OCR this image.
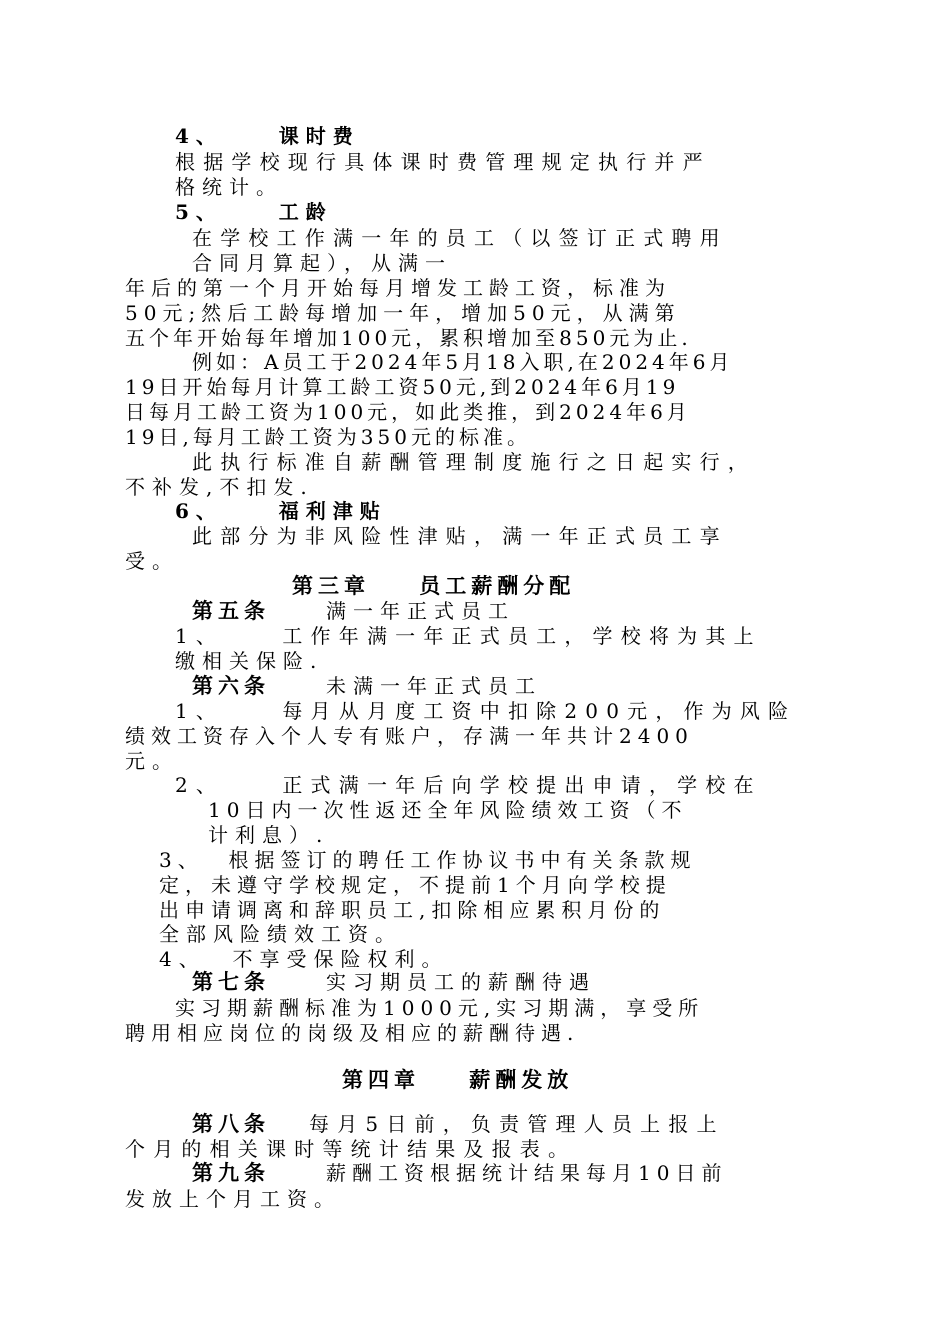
4、    课时费
根据学校现行具体课时费管理规定执行并严
格统计。
5、    工龄
在学校工作满一年的员工（以签订正式聘用
合同月算起），从满一
年后的第一个月开始每月增发工龄工资，标准为
50元;然后工龄每增加一年，增加50元，从满第
五个年开始每年增加100元，累积增加至850元为止.
例如：A员工于2024年5月18入职,在2024年6月
19日开始每月计算工龄工资50元,到2024年6月19
日每月工龄工资为100元，如此类推，到2024年6月
19日,每月工龄工资为350元的标准。
此执行标准自薪酬管理制度施行之日起实行，
不补发,不扣发.
6、    福利津贴
此部分为非风险性津贴，满一年正式员工享
受。
第三章    员工薪酬分配
第五条	满一年正式员工
1、    工作年满一年正式员工，学校将为其上
缴相关保险.
第六条	未满一年正式员工
1、    每月从月度工资中扣除200元，作为风险
绩效工资存入个人专有账户，存满一年共计2400
元。
2、    正式满一年后向学校提出申请，学校在
10日内一次性返还全年风险绩效工资（不
计利息）.
3、  根据签订的聘任工作协议书中有关条款规
定，未遵守学校规定，不提前1个月向学校提
出申请调离和辞职员工,扣除相应累积月份的
全部风险绩效工资。
4、  不享受保险权利。
第七条	实习期员工的薪酬待遇
实习期薪酬标准为1000元,实习期满，享受所
聘用相应岗位的岗级及相应的薪酬待遇.
第四章    薪酬发放
第八条 每月5日前，负责管理人员上报上
个月的相关课时等统计结果及报表。
第九条	薪酬工资根据统计结果每月10日前
发放上个月工资。
